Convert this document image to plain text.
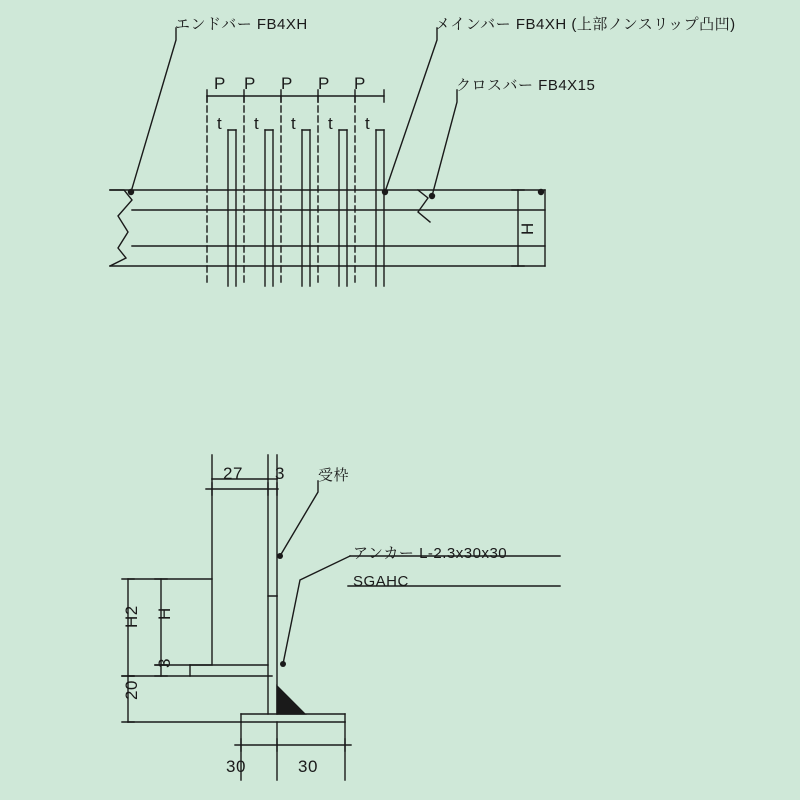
エンドバー FB4XH	メインバー FB4XH (上部ノンスリップ凸凹)
クロスバー FB4X15
P P P P P
t t t t t
H
27 3 受枠
アンカー L-2.3x30x30
SGAHC
H2 H
3
20
30	30
